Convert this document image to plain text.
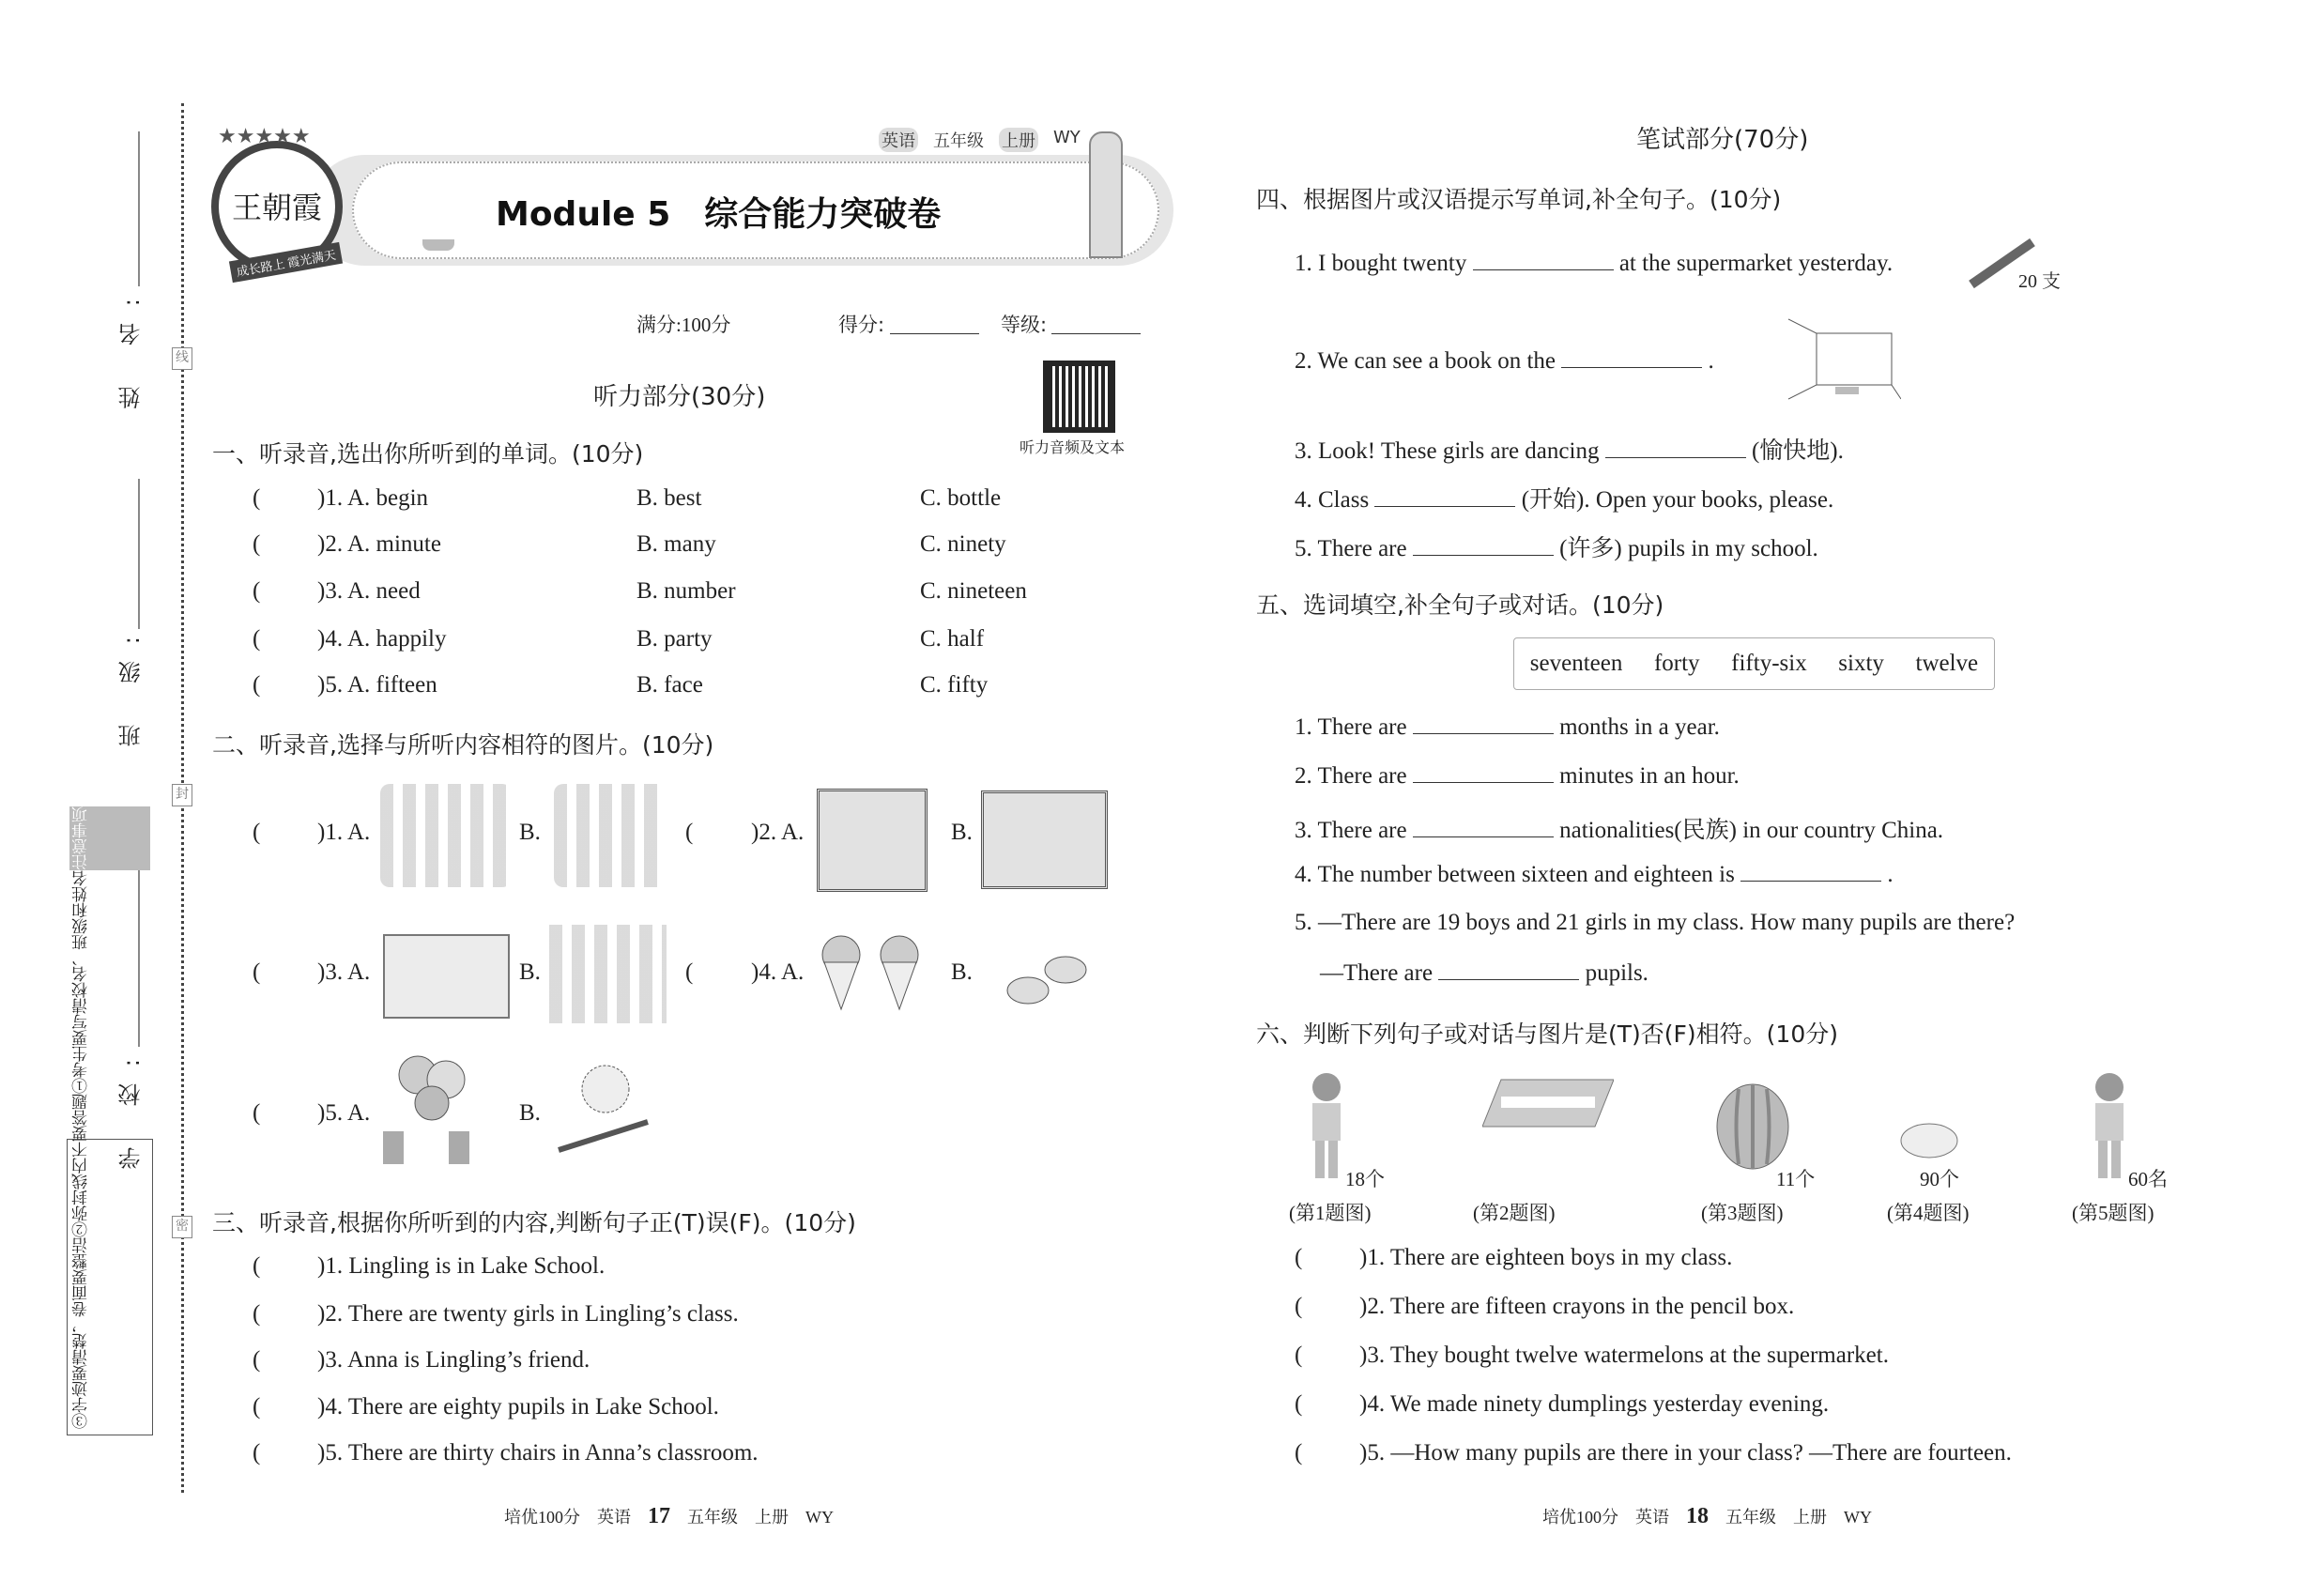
线
封
密
姓 名:
班 级:
学 校:
注意事项
①考生要写清校名、班级和姓名
②弥封线内不要答题
③字迹要清楚，卷面要整洁
王朝霞
成长路上 霞光满天
★★★★★	英语 五年级 上册 WY
Module 5　综合能力突破卷
满分:100分	得分:	等级:
听力部分(30分)
听力音频及文本
一、听录音,选出你所听到的单词。(10分)
( )1. A. begin	B. best	C. bottle
( )2. A. minute	B. many	C. ninety
( )3. A. need	B. number	C. nineteen
( )4. A. happily	B. party	C. half
( )5. A. fifteen	B. face	C. fifty
二、听录音,选择与所听内容相符的图片。(10分)
( )1. A.	B.	( )2. A.	B.
( )3. A.	B.	( )4. A.	B.
( )5. A.	B.
三、听录音,根据你所听到的内容,判断句子正(T)误(F)。(10分)
( )1. Lingling is in Lake School.
( )2. There are twenty girls in Lingling’s class.
( )3. Anna is Lingling’s friend.
( )4. There are eighty pupils in Lake School.
( )5. There are thirty chairs in Anna’s classroom.
笔试部分(70分)
四、根据图片或汉语提示写单词,补全句子。(10分)
1. I bought twenty	at the supermarket yesterday.
2. We can see a book on the	.
3. Look! These girls are dancing	(愉快地).
4. Class	(开始). Open your books, please.
5. There are	(许多) pupils in my school.
20 支
五、选词填空,补全句子或对话。(10分)
seventeen forty fifty-six sixty twelve
1. There are	months in a year.
2. There are	minutes in an hour.
3. There are	nationalities(民族) in our country China.
4. The number between sixteen and eighteen is	.
5. —There are 19 boys and 21 girls in my class. How many pupils are there?
—There are	pupils.
六、判断下列句子或对话与图片是(T)否(F)相符。(10分)
18个
(第1题图)	(第2题图)
11个
(第3题图)
90个
(第4题图)
60名
(第5题图)
( )1. There are eighteen boys in my class.
( )2. There are fifteen crayons in the pencil box.
( )3. They bought twelve watermelons at the supermarket.
( )4. We made ninety dumplings yesterday evening.
( )5. —How many pupils are there in your class? —There are fourteen.
培优100分　英语 17 五年级　上册　WY	培优100分　英语 18 五年级　上册　WY
